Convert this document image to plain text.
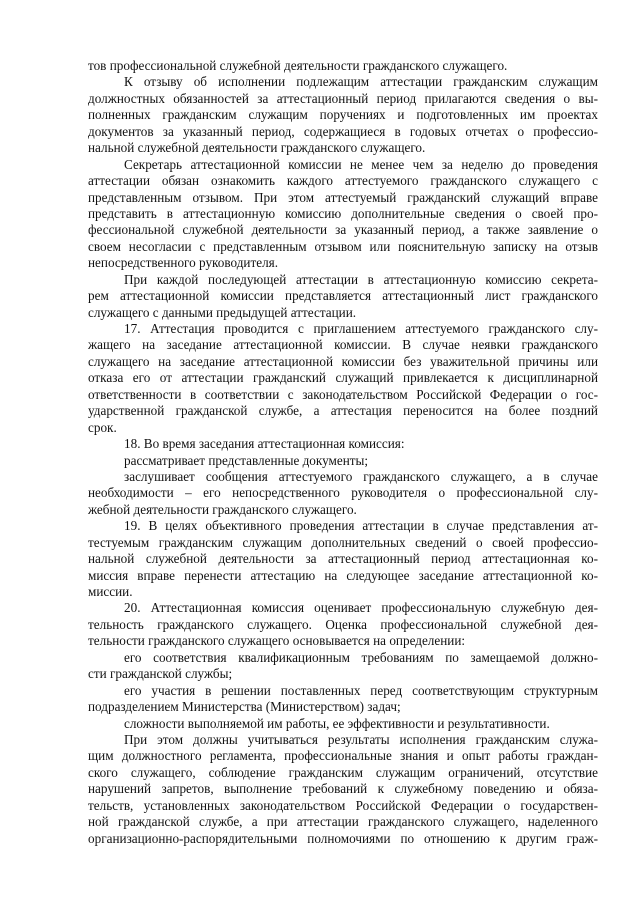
тов профессиональной служебной деятельности гражданского служащего.
К отзыву об исполнении подлежащим аттестации гражданским служащим
должностных обязанностей за аттестационный период прилагаются сведения о вы-
полненных гражданским служащим поручениях и подготовленных им проектах
документов за указанный период, содержащиеся в годовых отчетах о профессио-
нальной служебной деятельности гражданского служащего.
Секретарь аттестационной комиссии не менее чем за неделю до проведения
аттестации обязан ознакомить каждого аттестуемого гражданского служащего с
представленным отзывом. При этом аттестуемый гражданский служащий вправе
представить в аттестационную комиссию дополнительные сведения о своей про-
фессиональной служебной деятельности за указанный период, а также заявление о
своем несогласии с представленным отзывом или пояснительную записку на отзыв
непосредственного руководителя.
При каждой последующей аттестации в аттестационную комиссию секрета-
рем аттестационной комиссии представляется аттестационный лист гражданского
служащего с данными предыдущей аттестации.
17. Аттестация проводится с приглашением аттестуемого гражданского слу-
жащего на заседание аттестационной комиссии. В случае неявки гражданского
служащего на заседание аттестационной комиссии без уважительной причины или
отказа его от аттестации гражданский служащий привлекается к дисциплинарной
ответственности в соответствии с законодательством Российской Федерации о гос-
ударственной гражданской службе, а аттестация переносится на более поздний
срок.
18. Во время заседания аттестационная комиссия:
рассматривает представленные документы;
заслушивает сообщения аттестуемого гражданского служащего, а в случае
необходимости – его непосредственного руководителя о профессиональной слу-
жебной деятельности гражданского служащего.
19. В целях объективного проведения аттестации в случае представления ат-
тестуемым гражданским служащим дополнительных сведений о своей профессио-
нальной служебной деятельности за аттестационный период аттестационная ко-
миссия вправе перенести аттестацию на следующее заседание аттестационной ко-
миссии.
20. Аттестационная комиссия оценивает профессиональную служебную дея-
тельность гражданского служащего. Оценка профессиональной служебной дея-
тельности гражданского служащего основывается на определении:
его соответствия квалификационным требованиям по замещаемой должно-
сти гражданской службы;
его участия в решении поставленных перед соответствующим структурным
подразделением Министерства (Министерством) задач;
сложности выполняемой им работы, ее эффективности и результативности.
При этом должны учитываться результаты исполнения гражданским служа-
щим должностного регламента, профессиональные знания и опыт работы граждан-
ского служащего, соблюдение гражданским служащим ограничений, отсутствие
нарушений запретов, выполнение требований к служебному поведению и обяза-
тельств, установленных законодательством Российской Федерации о государствен-
ной гражданской службе, а при аттестации гражданского служащего, наделенного
организационно-распорядительными полномочиями по отношению к другим граж-
